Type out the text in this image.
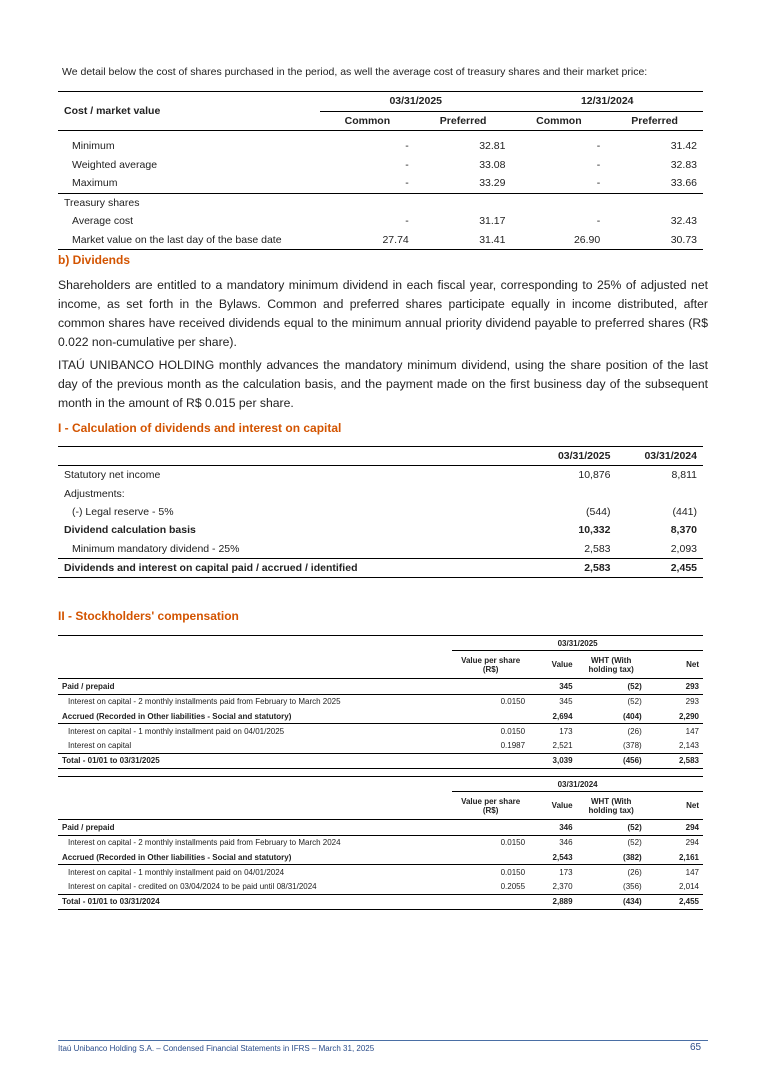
We detail below the cost of shares purchased in the period, as well the average cost of treasury shares and their market price:
Cost / market value	03/31/2025		12/31/2024	
	Common	Preferred	Common	Preferred

Minimum	-	32.81	-	31.42
Weighted average	-	33.08	-	32.83
Maximum	-	33.29	-	33.66
Treasury shares				
Average cost	-	31.17	-	32.43
Market value on the last day of the base date	27.74	31.41	26.90	30.73
b) Dividends
Shareholders are entitled to a mandatory minimum dividend in each fiscal year, corresponding to 25% of adjusted net income, as set forth in the Bylaws. Common and preferred shares participate equally in income distributed, after common shares have received dividends equal to the minimum annual priority dividend payable to preferred shares (R$ 0.022 non-cumulative per share).
ITAÚ UNIBANCO HOLDING monthly advances the mandatory minimum dividend, using the share position of the last day of the previous month as the calculation basis, and the payment made on the first business day of the subsequent month in the amount of R$ 0.015 per share.
I - Calculation of dividends and interest on capital
	03/31/2025	03/31/2024
Statutory net income	10,876	8,811
Adjustments:		
(-) Legal reserve - 5%	(544)	(441)
Dividend calculation basis	10,332	8,370
Minimum mandatory dividend - 25%	2,583	2,093
Dividends and interest on capital paid / accrued / identified	2,583	2,455
II - Stockholders' compensation
	03/31/2025			
	Value per share (R$)	Value	WHT (With holding tax)	Net
Paid / prepaid		345	(52)	293
Interest on capital - 2 monthly installments paid from February to March 2025	0.0150	345	(52)	293
Accrued (Recorded in Other liabilities - Social and statutory)		2,694	(404)	2,290
Interest on capital - 1 monthly installment paid on 04/01/2025	0.0150	173	(26)	147
Interest on capital	0.1987	2,521	(378)	2,143
Total - 01/01 to 03/31/2025		3,039	(456)	2,583
	03/31/2024			
	Value per share (R$)	Value	WHT (With holding tax)	Net
Paid / prepaid		346	(52)	294
Interest on capital - 2 monthly installments paid from February to March 2024	0.0150	346	(52)	294
Accrued (Recorded in Other liabilities - Social and statutory)		2,543	(382)	2,161
Interest on capital - 1 monthly installment paid on 04/01/2024	0.0150	173	(26)	147
Interest on capital - credited on 03/04/2024 to be paid until 08/31/2024	0.2055	2,370	(356)	2,014
Total - 01/01 to 03/31/2024		2,889	(434)	2,455
Itaú Unibanco Holding S.A. – Condensed Financial Statements in IFRS – March 31, 2025	65
